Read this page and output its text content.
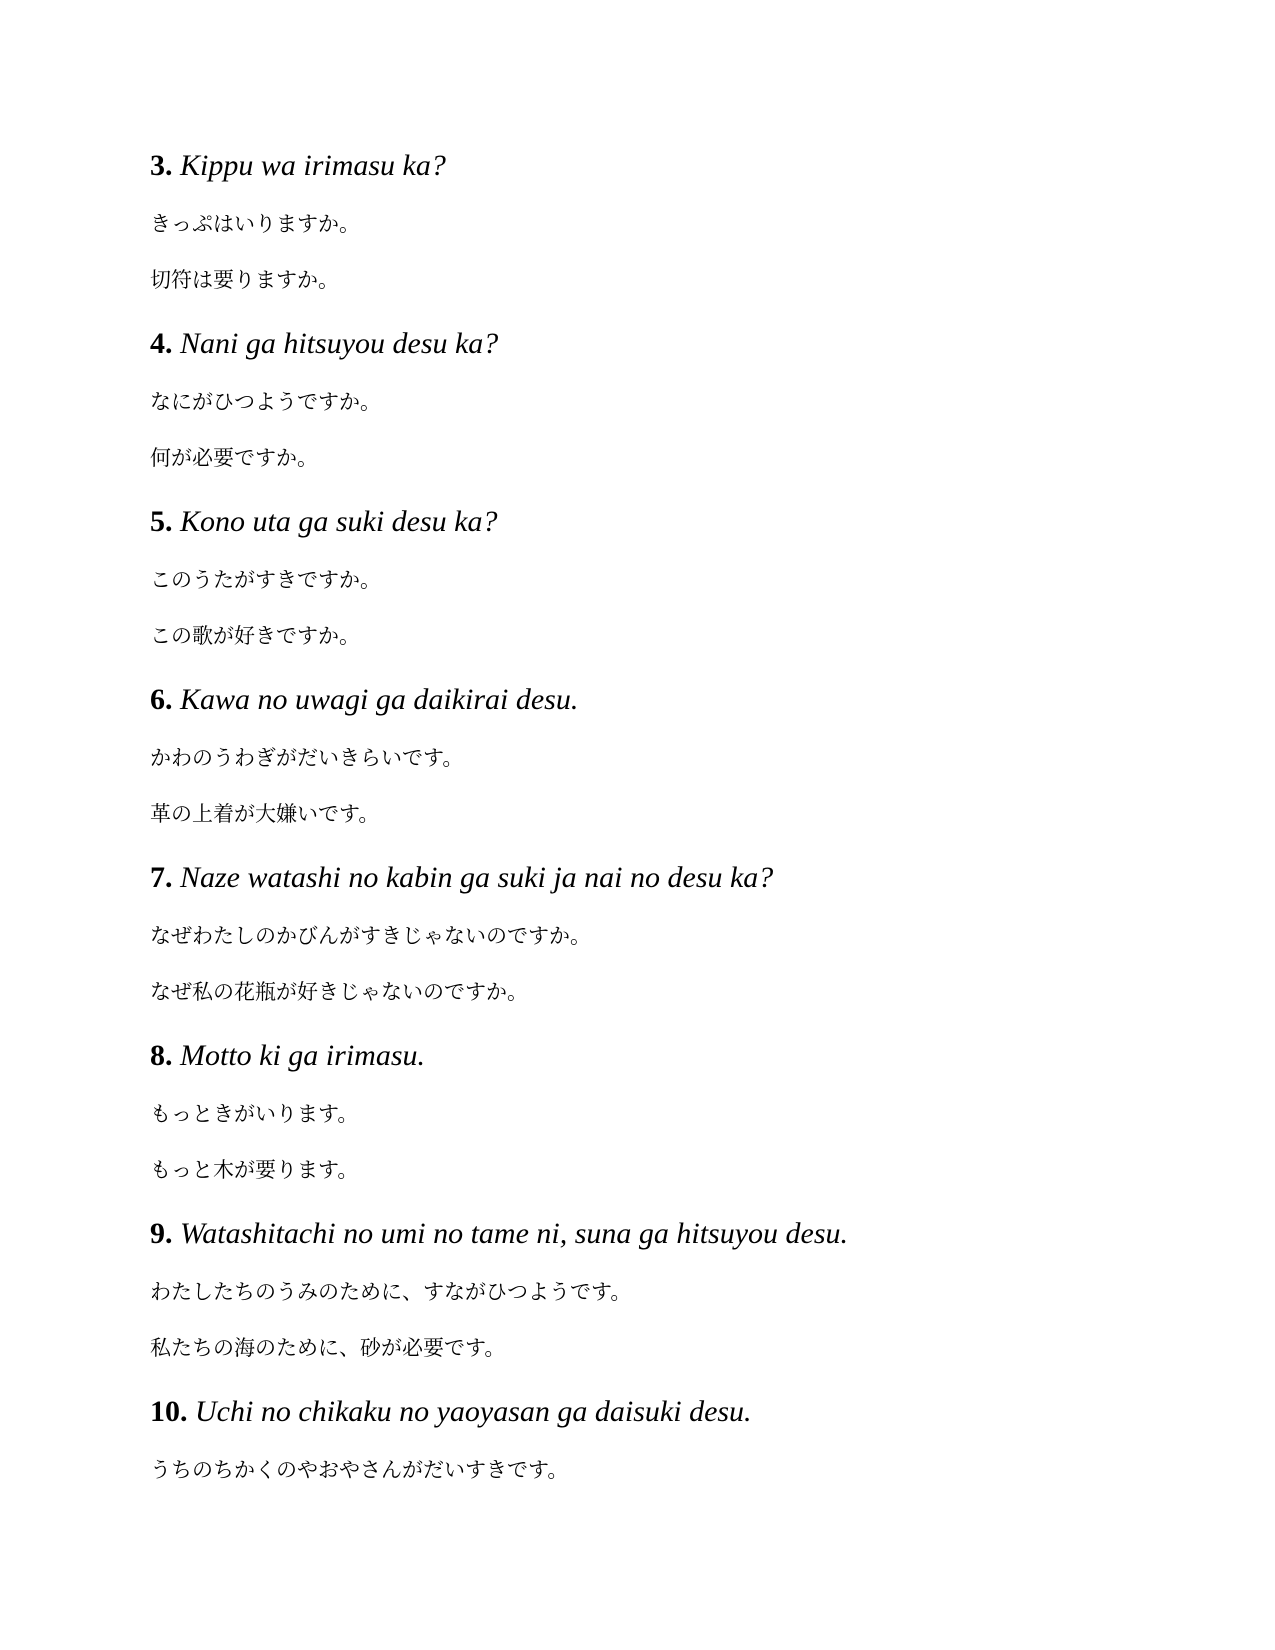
3. Kippu wa irimasu ka?
きっぷはいりますか。
切符は要りますか。
4. Nani ga hitsuyou desu ka?
なにがひつようですか。
何が必要ですか。
5. Kono uta ga suki desu ka?
このうたがすきですか。
この歌が好きですか。
6. Kawa no uwagi ga daikirai desu.
かわのうわぎがだいきらいです。
革の上着が大嫌いです。
7. Naze watashi no kabin ga suki ja nai no desu ka?
なぜわたしのかびんがすきじゃないのですか。
なぜ私の花瓶が好きじゃないのですか。
8. Motto ki ga irimasu.
もっときがいります。
もっと木が要ります。
9. Watashitachi no umi no tame ni, suna ga hitsuyou desu.
わたしたちのうみのために、すながひつようです。
私たちの海のために、砂が必要です。
10. Uchi no chikaku no yaoyasan ga daisuki desu.
うちのちかくのやおやさんがだいすきです。
